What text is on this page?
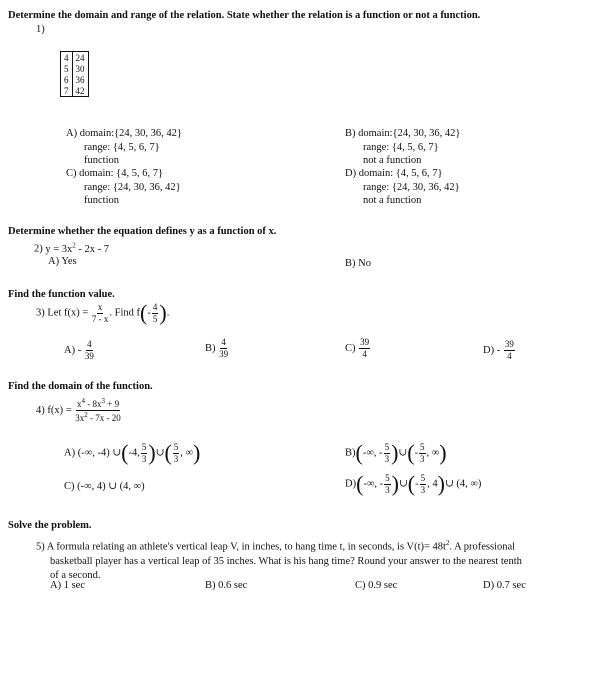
Determine the domain and range of the relation. State whether the relation is a function or not a function.
1)
4	24
5	30
6	36
7	42
A) domain:{24, 30, 36, 42}
range: {4, 5, 6, 7}
function
C) domain: {4, 5, 6, 7}
range: {24, 30, 36, 42}
function
B) domain:{24, 30, 36, 42}
range: {4, 5, 6, 7}
not a function
D) domain: {4, 5, 6, 7}
range: {24, 30, 36, 42}
not a function
Determine whether the equation defines y as a function of x.
2) $y = 3x^2 - 2x - 7$
A) Yes	B) No
Find the function value.
3) Let $f(x) = \frac{x}{7 - x}$ . Find $f(- \frac{4}{5}$ ).
$A) - \frac{4}{39}$	$B) \frac{4}{39}$	$C) \frac{39}{4}$	$D) - \frac{39}{4}$
Find the domain of the function.
4) $f(x) = \frac{x^4 - 8x^3 + 9}{3x^2 - 7x - 20}$
A) (-∞, -4) ∪(-4, $\frac{5}{3}$ )∪( $\frac{5}{3}$ , ∞)	B)(-∞, - $\frac{5}{3}$ )∪(- $\frac{5}{3}$ , ∞)
C) (-∞, 4) ∪ (4, ∞)	D)(-∞, - $\frac{5}{3}$ )∪(- $\frac{5}{3}$ , 4)∪ (4, ∞)
Solve the problem.
5) A formula relating an athlete's vertical leap V, in inches, to hang time t, in seconds, is $V(t)= 48t^2$. A professional
basketball player has a vertical leap of 35 inches. What is his hang time? Round your answer to the nearest tenth
of a second.
A) 1 sec	B) 0.6 sec	C) 0.9 sec	D) 0.7 sec
